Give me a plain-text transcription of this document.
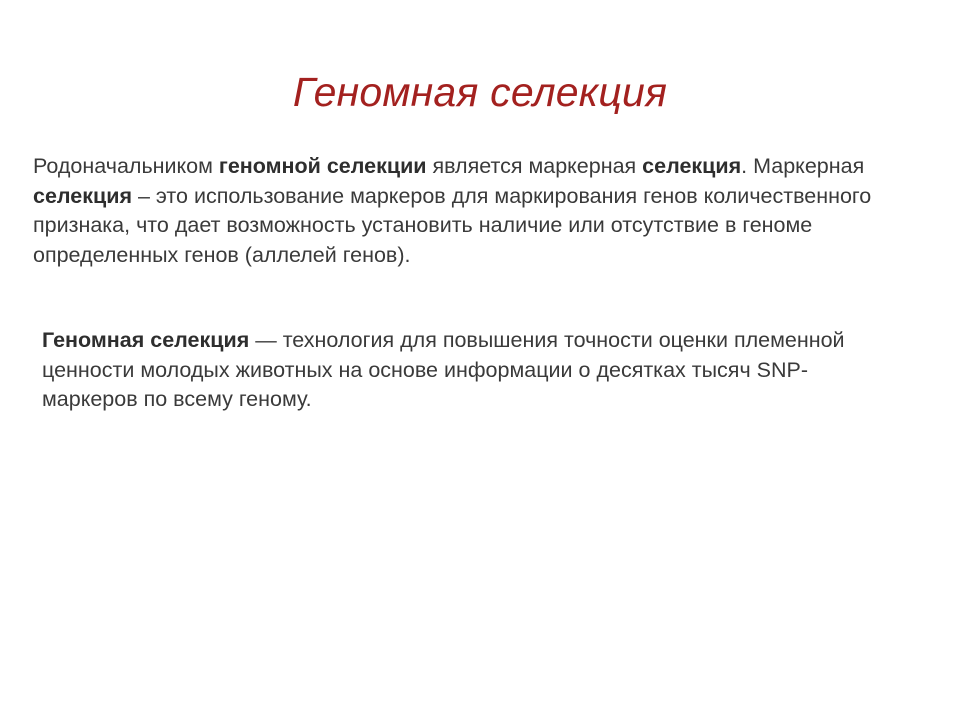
Геномная селекция
Родоначальником геномной селекции является маркерная селекция. Маркерная селекция – это использование маркеров для маркирования генов количественного признака, что дает возможность установить наличие или отсутствие в геноме определенных генов (аллелей генов).
Геномная селекция — технология для повышения точности оценки племенной ценности молодых животных на основе информации о десятках тысяч SNP-маркеров по всему геному.
